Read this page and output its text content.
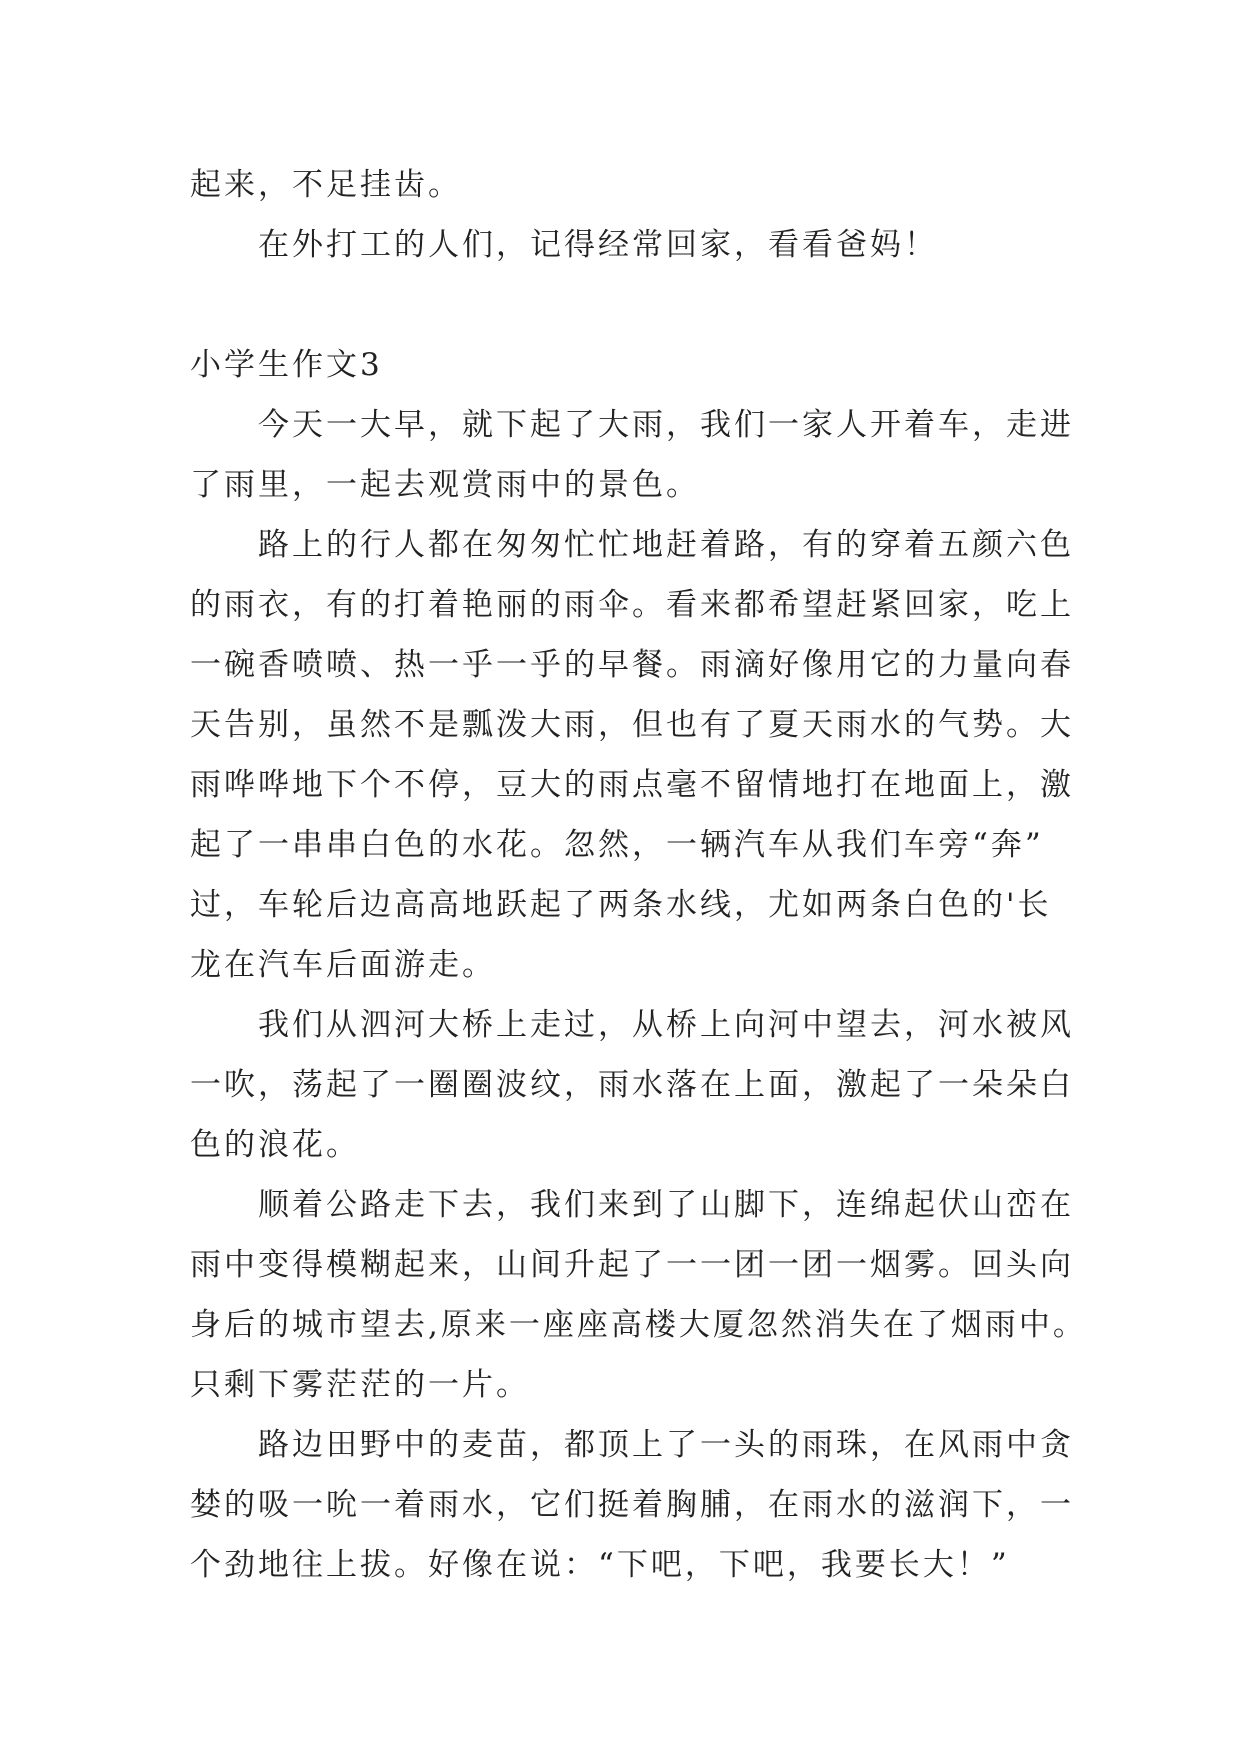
起来，不足挂齿。
在外打工的人们，记得经常回家，看看爸妈！
小学生作文3
今天一大早，就下起了大雨，我们一家人开着车，走进
了雨里，一起去观赏雨中的景色。
路上的行人都在匆匆忙忙地赶着路，有的穿着五颜六色
的雨衣，有的打着艳丽的雨伞。看来都希望赶紧回家，吃上
一碗香喷喷、热一乎一乎的早餐。雨滴好像用它的力量向春
天告别，虽然不是瓢泼大雨，但也有了夏天雨水的气势。大
雨哗哗地下个不停，豆大的雨点毫不留情地打在地面上，激
起了一串串白色的水花。忽然，一辆汽车从我们车旁“奔”
过，车轮后边高高地跃起了两条水线，尤如两条白色的'长
龙在汽车后面游走。
我们从泗河大桥上走过，从桥上向河中望去，河水被风
一吹，荡起了一圈圈波纹，雨水落在上面，激起了一朵朵白
色的浪花。
顺着公路走下去，我们来到了山脚下，连绵起伏山峦在
雨中变得模糊起来，山间升起了一一团一团一烟雾。回头向
身后的城市望去,原来一座座高楼大厦忽然消失在了烟雨中。
只剩下雾茫茫的一片。
路边田野中的麦苗，都顶上了一头的雨珠，在风雨中贪
婪的吸一吮一着雨水，它们挺着胸脯，在雨水的滋润下，一
个劲地往上拔。好像在说：“下吧，下吧，我要长大！”
